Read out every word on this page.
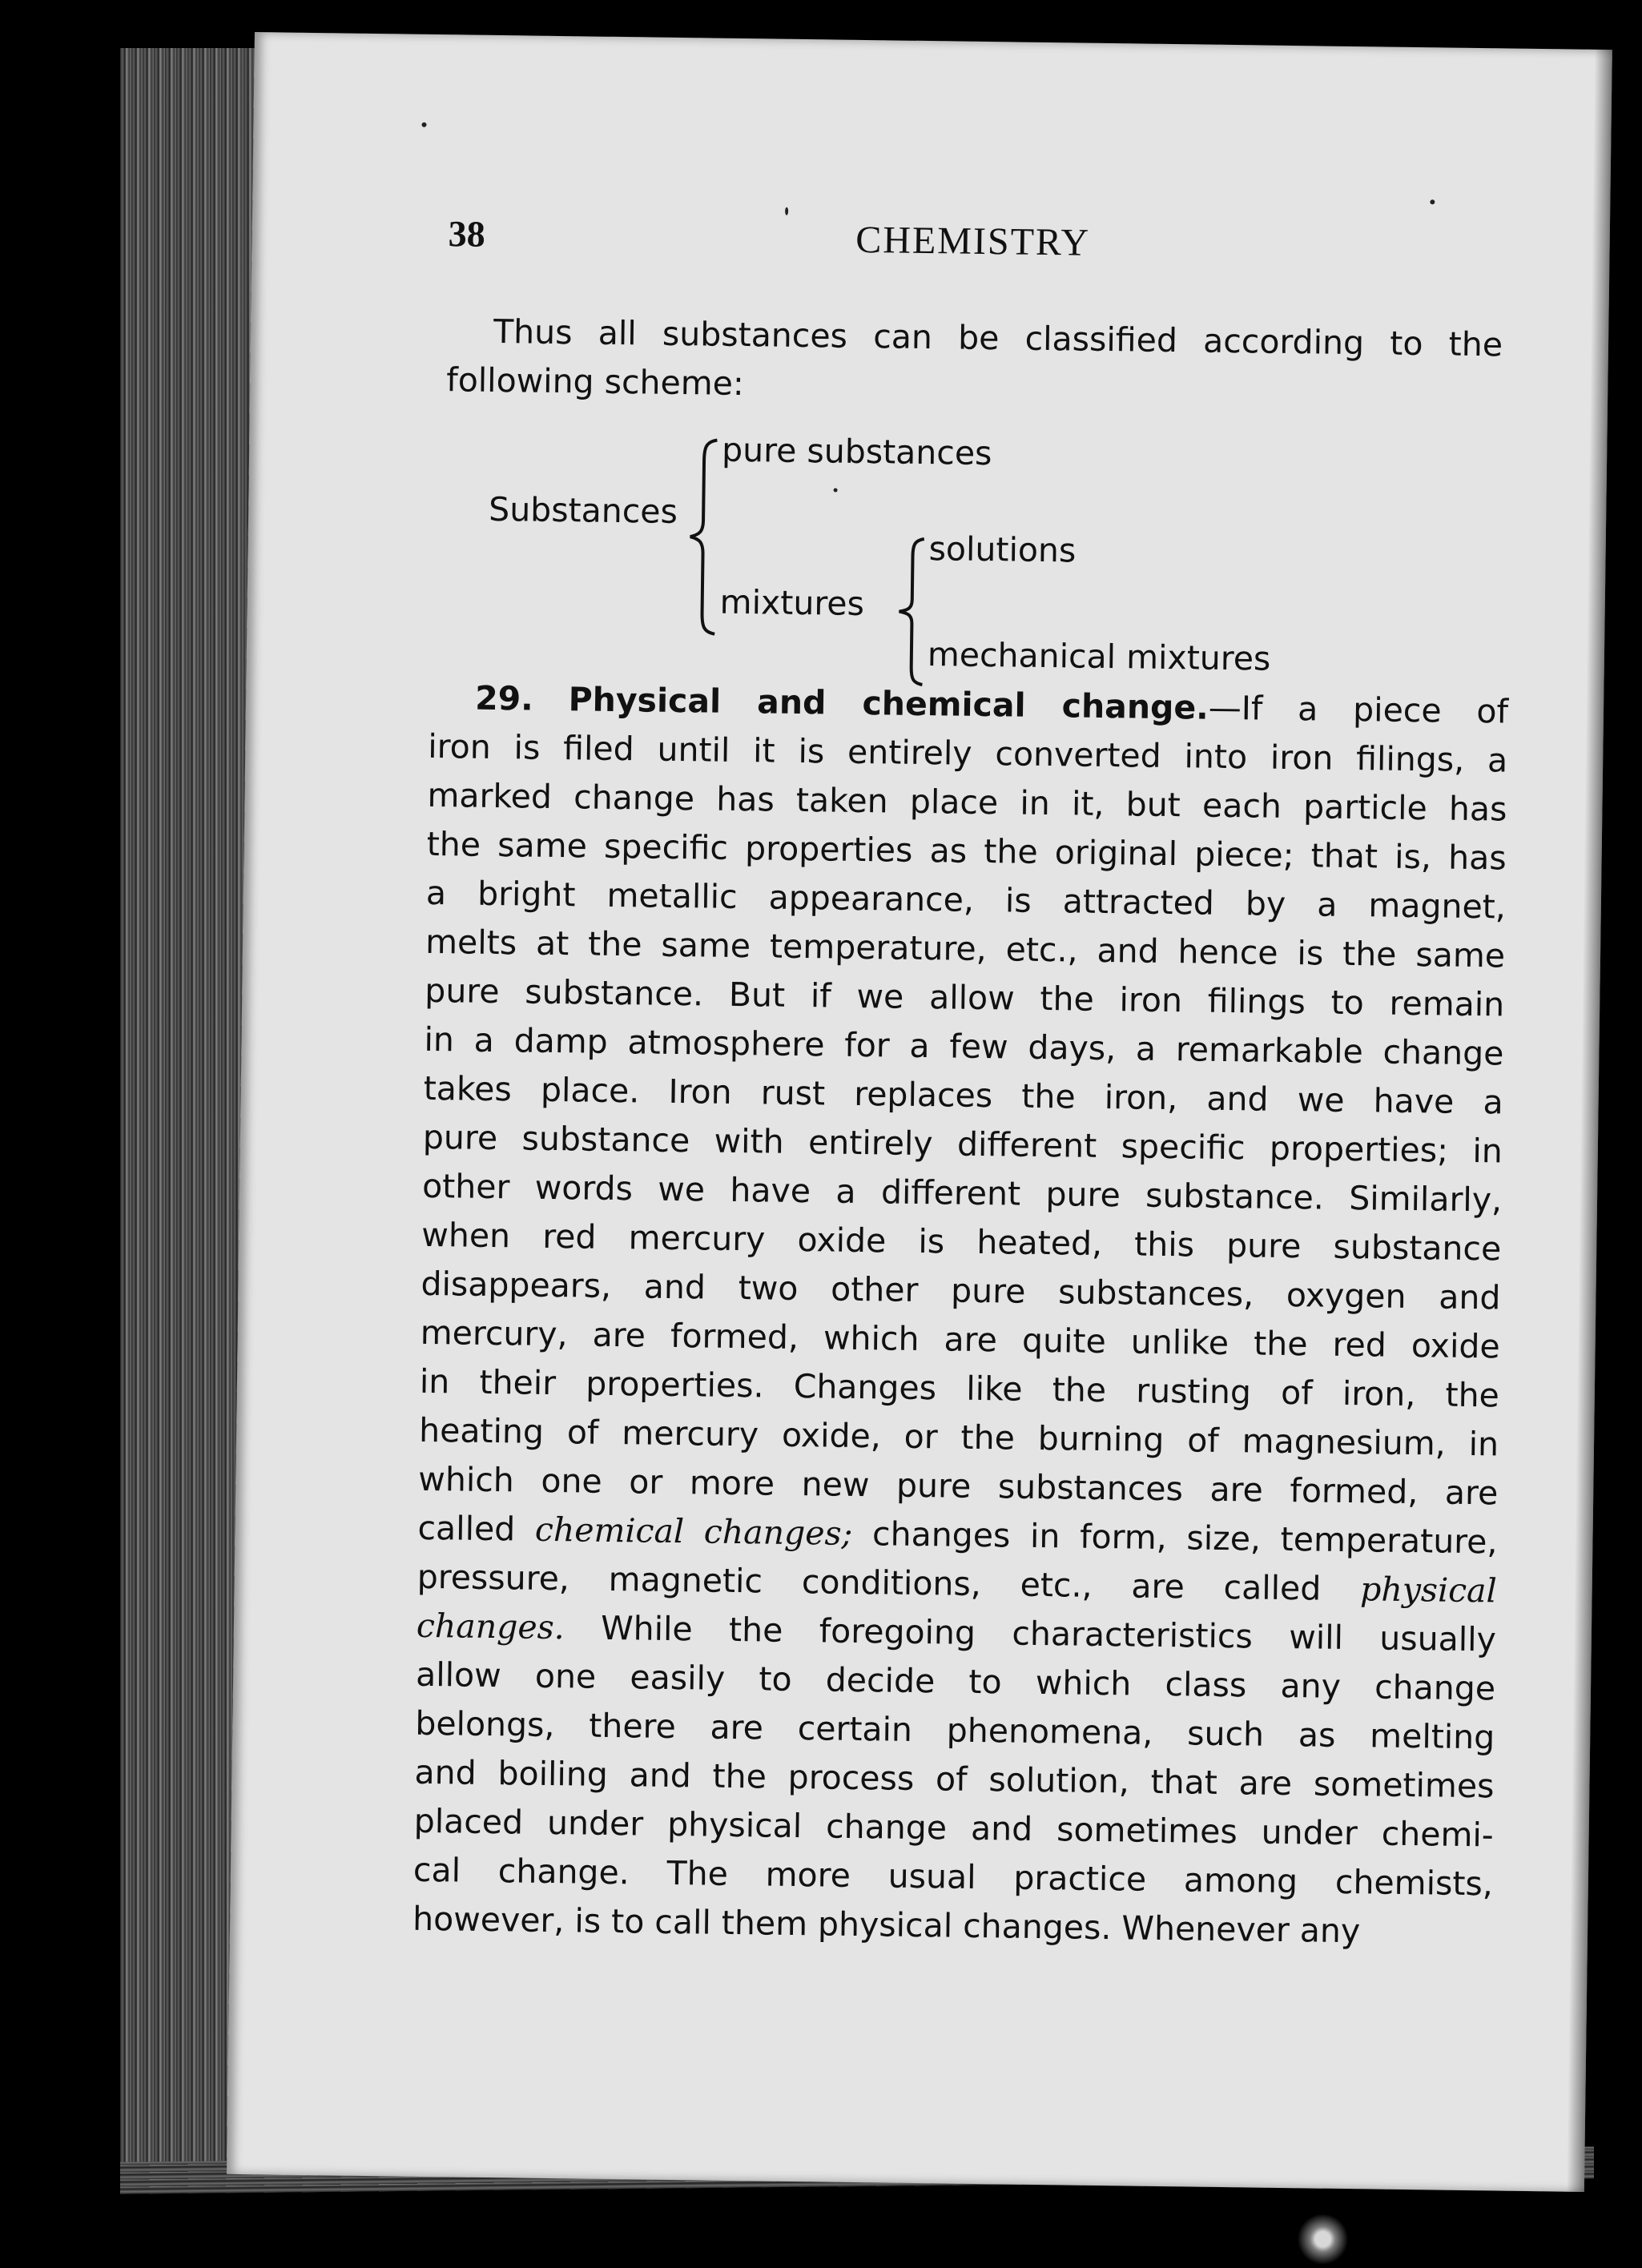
38	CHEMISTRY
Thus all substances can be classified according to the
following scheme:
Substances
pure substances
mixtures
solutions
mechanical mixtures
29. Physical and chemical change.—If a piece of
iron is filed until it is entirely converted into iron filings, a
marked change has taken place in it, but each particle has
the same specific properties as the original piece; that is, has
a bright metallic appearance, is attracted by a magnet,
melts at the same temperature, etc., and hence is the same
pure substance. But if we allow the iron filings to remain
in a damp atmosphere for a few days, a remarkable change
takes place. Iron rust replaces the iron, and we have a
pure substance with entirely different specific properties; in
other words we have a different pure substance. Similarly,
when red mercury oxide is heated, this pure substance
disappears, and two other pure substances, oxygen and
mercury, are formed, which are quite unlike the red oxide
in their properties. Changes like the rusting of iron, the
heating of mercury oxide, or the burning of magnesium, in
which one or more new pure substances are formed, are
called chemical changes; changes in form, size, temperature,
pressure, magnetic conditions, etc., are called physical
changes. While the foregoing characteristics will usually
allow one easily to decide to which class any change
belongs, there are certain phenomena, such as melting
and boiling and the process of solution, that are sometimes
placed under physical change and sometimes under chemi-
cal change. The more usual practice among chemists,
however, is to call them physical changes. Whenever any
